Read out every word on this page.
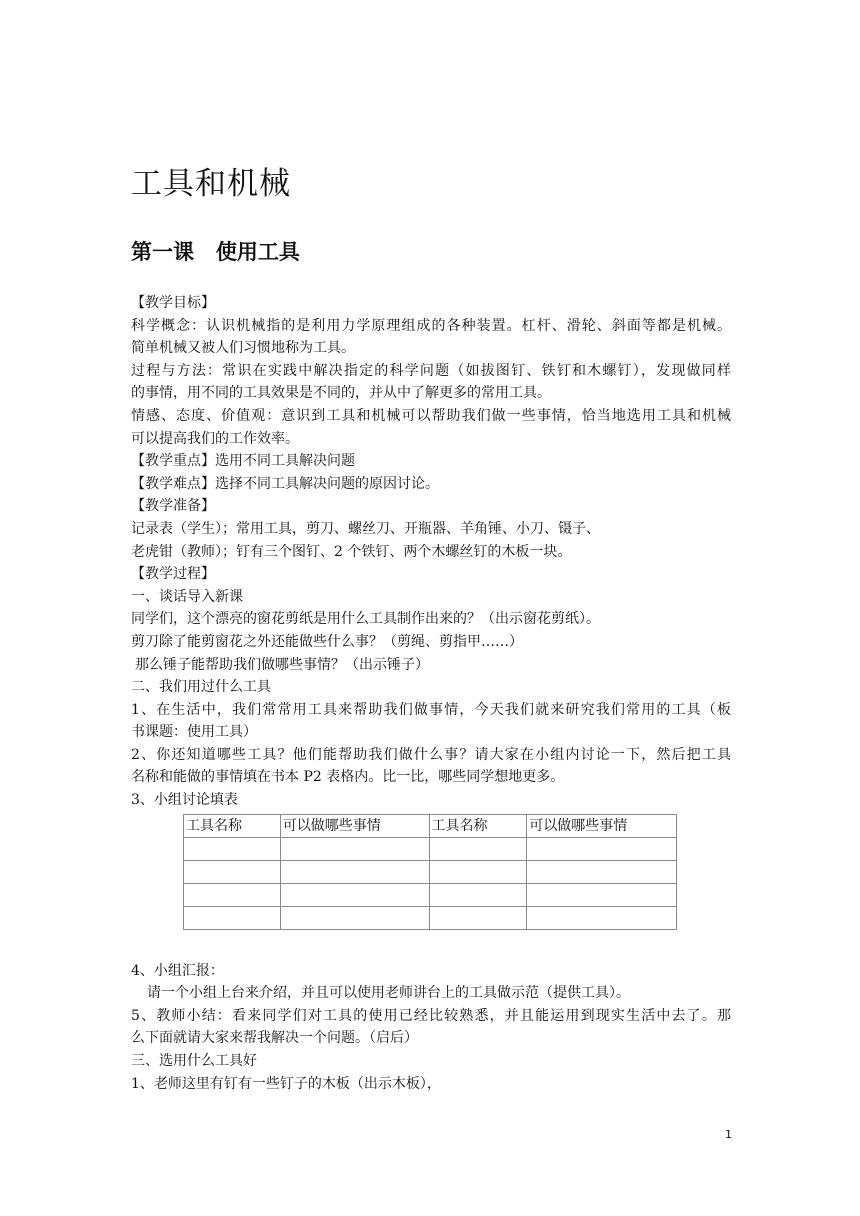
工具和机械
第一课   使用工具
【教学目标】
科学概念：认识机械指的是利用力学原理组成的各种装置。杠杆、滑轮、斜面等都是机械。
简单机械又被人们习惯地称为工具。
过程与方法：常识在实践中解决指定的科学问题（如拔图钉、铁钉和木螺钉），发现做同样
的事情，用不同的工具效果是不同的，并从中了解更多的常用工具。
情感、态度、价值观：意识到工具和机械可以帮助我们做一些事情，恰当地选用工具和机械
可以提高我们的工作效率。
【教学重点】选用不同工具解决问题
【教学难点】选择不同工具解决问题的原因讨论。
【教学准备】
记录表（学生）；常用工具，剪刀、螺丝刀、开瓶器、羊角锤、小刀、镊子、
老虎钳（教师）；钉有三个图钉、2 个铁钉、两个木螺丝钉的木板一块。
【教学过程】
一、谈话导入新课
同学们，这个漂亮的窗花剪纸是用什么工具制作出来的？（出示窗花剪纸）。
剪刀除了能剪窗花之外还能做些什么事？（剪绳、剪指甲……）
那么锤子能帮助我们做哪些事情？（出示锤子）
二、我们用过什么工具
1、在生活中，我们常常用工具来帮助我们做事情，今天我们就来研究我们常用的工具（板
书课题：使用工具）
2、你还知道哪些工具？他们能帮助我们做什么事？请大家在小组内讨论一下，然后把工具
名称和能做的事情填在书本 P2 表格内。比一比，哪些同学想地更多。
3、小组讨论填表
工具名称	可以做哪些事情	工具名称	可以做哪些事情

4、小组汇报：
请一个小组上台来介绍，并且可以使用老师讲台上的工具做示范（提供工具）。
5、教师小结：看来同学们对工具的使用已经比较熟悉，并且能运用到现实生活中去了。那
么下面就请大家来帮我解决一个问题。（启后）
三、选用什么工具好
1、老师这里有钉有一些钉子的木板（出示木板），
1
